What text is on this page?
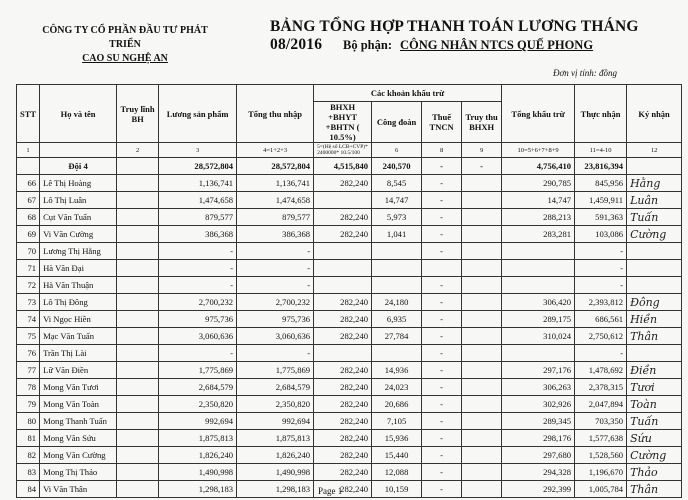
CÔNG TY CỔ PHẦN ĐẦU TƯ PHÁT TRIỂN
CAO SU NGHỆ AN
BẢNG TỔNG HỢP THANH TOÁN LƯƠNG THÁNG 08/2016	Bộ phận: CÔNG NHÂN NTCS QUẾ PHONG
Đơn vị tính: đồng
STT	Họ và tên	Truy lĩnh BH	Lương sản phẩm	Tổng thu nhập	Các khoản khấu trừ				Tổng khấu trừ	Thực nhận	Ký nhận
					BHXH +BHYT +BHTN ( 10.5%)	Công đoàn	Thuế TNCN	Truy thu BHXH			
1		2	3	4=1+2+3	5=(Hệ số LCB+CVP)* 2400000* 10.5/100	6	8	9	10=5+6+7+8+9	11=4-10	12
	Đội 4		28,572,804	28,572,804	4,515,840	240,570	-	-	4,756,410	23,816,394	
66	Lê Thị Hoàng		1,136,741	1,136,741	282,240	8,545	-		290,785	845,956	Hằng
67	Lô Thị Luân		1,474,658	1,474,658		14,747	-		14,747	1,459,911	Luân
68	Cụt Văn Tuấn		879,577	879,577	282,240	5,973	-		288,213	591,363	Tuấn
69	Vi Văn Cường		386,368	386,368	282,240	1,041	-		283,281	103,086	Cường
70	Lương Thị Hằng		-	-			-			-	
71	Hà Văn Đại		-	-						-	
72	Hà Văn Thuận		-	-			-			-	
73	Lô Thị Đông		2,700,232	2,700,232	282,240	24,180	-		306,420	2,393,812	Đông
74	Vi Ngọc Hiền		975,736	975,736	282,240	6,935	-		289,175	686,561	Hiền
75	Mạc Văn Tuấn		3,060,636	3,060,636	282,240	27,784	-		310,024	2,750,612	Thân
76	Trần Thị Lài		-	-			-			-	
77	Lữ Văn Điền		1,775,869	1,775,869	282,240	14,936	-		297,176	1,478,692	Điền
78	Mong Văn Tươi		2,684,579	2,684,579	282,240	24,023	-		306,263	2,378,315	Tươi
79	Mong Văn Toàn		2,350,820	2,350,820	282,240	20,686	-		302,926	2,047,894	Toàn
80	Mong Thanh Tuấn		992,694	992,694	282,240	7,105	-		289,345	703,350	Tuấn
81	Mong Văn Sứu		1,875,813	1,875,813	282,240	15,936	-		298,176	1,577,638	Sứu
82	Mong Văn Cường		1,826,240	1,826,240	282,240	15,440	-		297,680	1,528,560	Cường
83	Mong Thị Thảo		1,490,998	1,490,998	282,240	12,088	-		294,328	1,196,670	Thảo
84	Vi Văn Thân		1,298,183	1,298,183	282,240	10,159	-		292,399	1,005,784	Thân
Page 1
